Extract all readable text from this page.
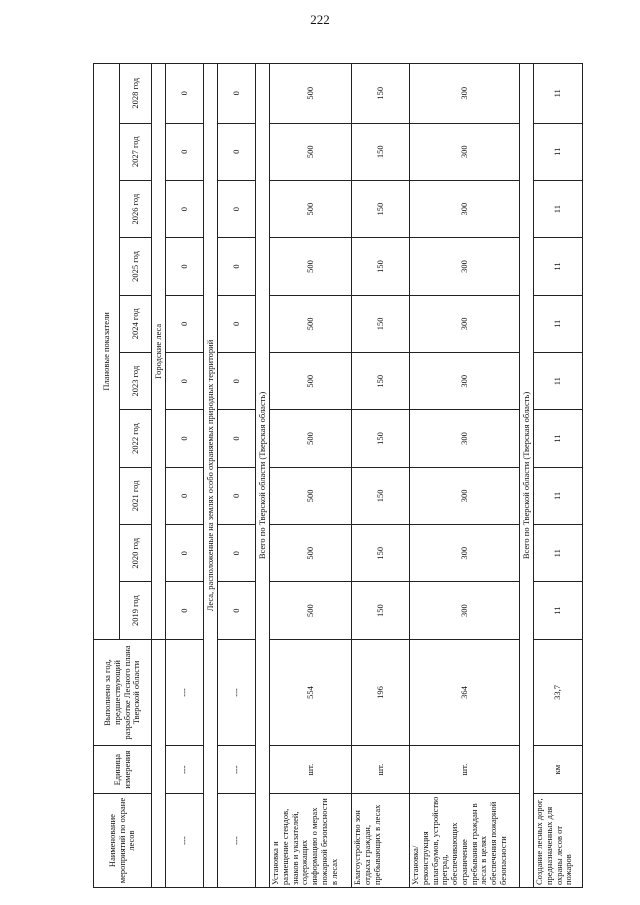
222
Наименование мероприятий по охране лесов	Единица измерения	Выполнено за год, предшествующий разработке Лесного плана Тверской области	Плановые показатели									
			2019 год	2020 год	2021 год	2022 год	2023 год	2024 год	2025 год	2026 год	2027 год	2028 год
			Городские леса									
---	---	---	0	0	0	0	0	0	0	0	0	0
Леса, расположенные на землях особо охраняемых природных территорий												
---	---	---	0	0	0	0	0	0	0	0	0	0
Всего по Тверской области (Тверская область)												
Установка и размещение стендов, знаков и указателей, содержащих информацию о мерах пожарной безопасности в лесах	шт.	554	500	500	500	500	500	500	500	500	500	500
Благоустройство зон отдыха граждан, пребывающих в лесах	шт.	196	150	150	150	150	150	150	150	150	150	150
Установка/реконструкция шлагбаумов, устройство преград, обеспечивающих ограничение пребывания граждан в лесах в целях обеспечения пожарной безопасности	шт.	364	300	300	300	300	300	300	300	300	300	300
Всего по Тверской области (Тверская область)												
Создание лесных дорог, предназначенных для охраны лесов от пожаров	км	33,7	11	11	11	11	11	11	11	11	11	11
